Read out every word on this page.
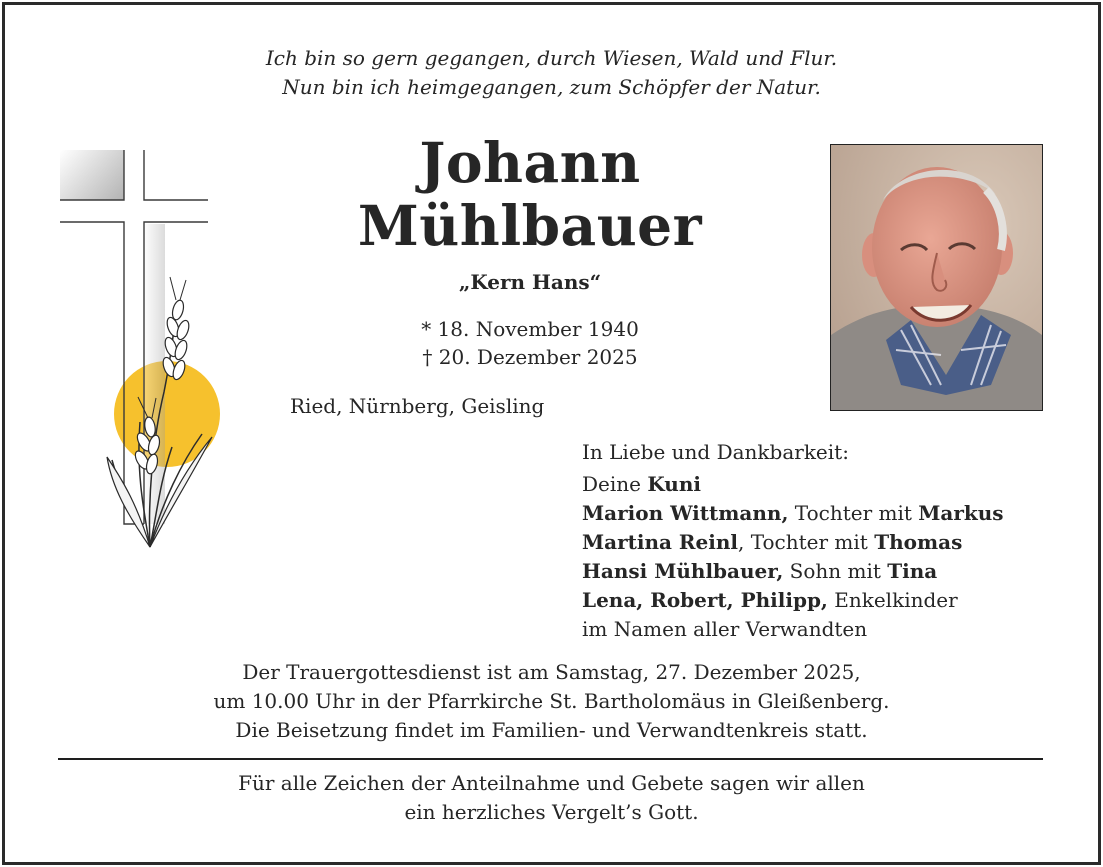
Ich bin so gern gegangen, durch Wiesen, Wald und Flur.
Nun bin ich heimgegangen, zum Schöpfer der Natur.
Johann
Mühlbauer
„Kern Hans“
* 18. November 1940
† 20. Dezember 2025
Ried, Nürnberg, Geisling
In Liebe und Dankbarkeit:
Deine Kuni
Marion Wittmann, Tochter mit Markus
Martina Reinl, Tochter mit Thomas
Hansi Mühlbauer, Sohn mit Tina
Lena, Robert, Philipp, Enkelkinder
im Namen aller Verwandten
Der Trauergottesdienst ist am Samstag, 27. Dezember 2025,
um 10.00 Uhr in der Pfarrkirche St. Bartholomäus in Gleißenberg.
Die Beisetzung findet im Familien- und Verwandtenkreis statt.
Für alle Zeichen der Anteilnahme und Gebete sagen wir allen
ein herzliches Vergelt’s Gott.
